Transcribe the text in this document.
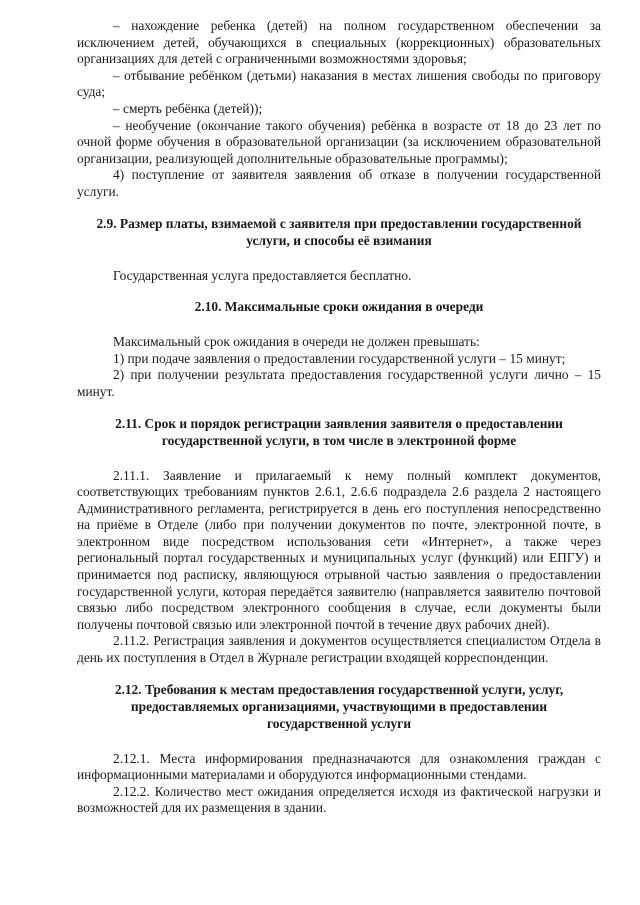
– нахождение ребенка (детей) на полном государственном обеспечении за исключением детей, обучающихся в специальных (коррекционных) образовательных организациях для детей с ограниченными возможностями здоровья;

– отбывание ребёнком (детьми) наказания в местах лишения свободы по приговору суда;

– смерть ребёнка (детей));

– необучение (окончание такого обучения) ребёнка в возрасте от 18 до 23 лет по очной форме обучения в образовательной организации (за исключением образовательной организации, реализующей дополнительные образовательные программы);

4) поступление от заявителя заявления об отказе в получении государственной услуги.

2.9. Размер платы, взимаемой с заявителя при предоставлении государственной

услуги, и способы её взимания

Государственная услуга предоставляется бесплатно.

2.10. Максимальные сроки ожидания в очереди

Максимальный срок ожидания в очереди не должен превышать:

1) при подаче заявления о предоставлении государственной услуги – 15 минут;

2) при получении результата предоставления государственной услуги лично – 15 минут.

2.11. Срок и порядок регистрации заявления заявителя о предоставлении

государственной услуги, в том числе в электронной форме

2.11.1. Заявление и прилагаемый к нему полный комплект документов, соответствующих требованиям пунктов 2.6.1, 2.6.6 подраздела 2.6 раздела 2 настоящего Административного регламента, регистрируется в день его поступления непосредственно на приёме в Отделе (либо при получении документов по почте, электронной почте, в электронном виде посредством использования сети «Интернет», а также через региональный портал государственных и муниципальных услуг (функций) или ЕПГУ) и принимается под расписку, являющуюся отрывной частью заявления о предоставлении государственной услуги, которая передаётся заявителю (направляется заявителю почтовой связью либо посредством электронного сообщения в случае, если документы были получены почтовой связью или электронной почтой в течение двух рабочих дней).

2.11.2. Регистрация заявления и документов осуществляется специалистом Отдела в день их поступления в Отдел в Журнале регистрации входящей корреспонденции.

2.12. Требования к местам предоставления государственной услуги, услуг,

предоставляемых организациями, участвующими в предоставлении

государственной услуги

2.12.1. Места информирования предназначаются для ознакомления граждан с информационными материалами и оборудуются информационными стендами.

2.12.2. Количество мест ожидания определяется исходя из фактической нагрузки и возможностей для их размещения в здании.
